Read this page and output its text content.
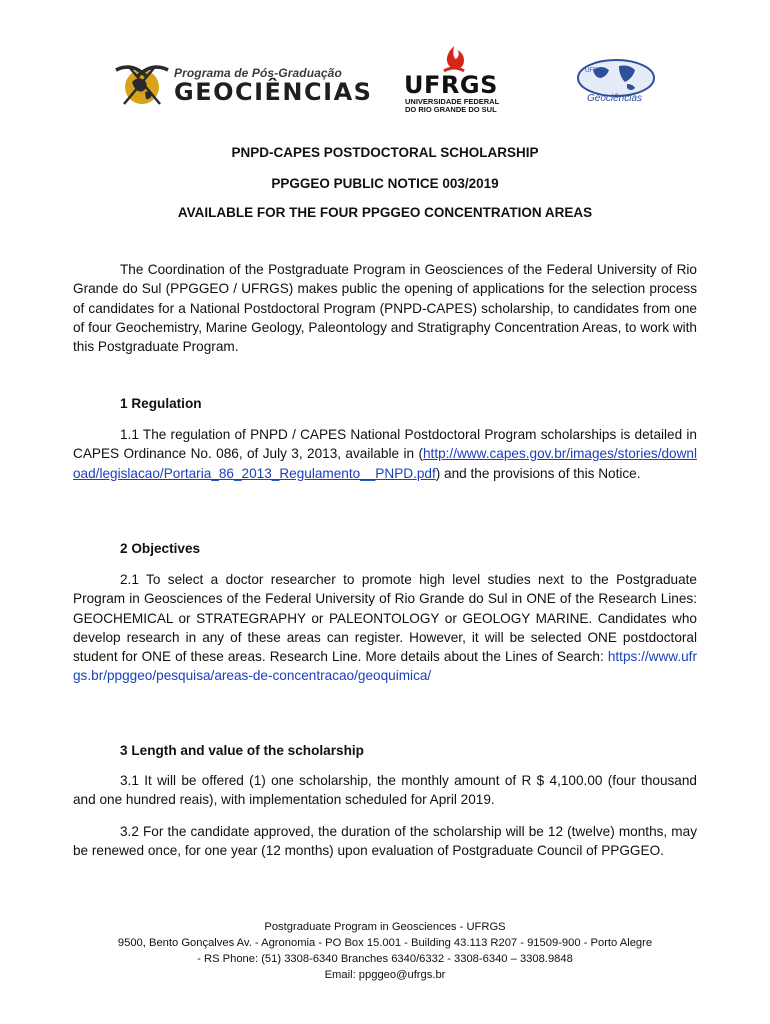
Programa de Pós-Graduação
GEOCIÊNCIAS UFRGS
UNIVERSIDADE FEDERAL
DO RIO GRANDE DO SUL
UFRGS
Geociências
PNPD-CAPES POSTDOCTORAL SCHOLARSHIP
PPGGEO PUBLIC NOTICE 003/2019
AVAILABLE FOR THE FOUR PPGGEO CONCENTRATION AREAS

The Coordination of the Postgraduate Program in Geosciences of the Federal University of Rio Grande do Sul (PPGGEO / UFRGS) makes public the opening of applications for the selection process of candidates for a National Postdoctoral Program (PNPD-CAPES) scholarship, to candidates from one of four Geochemistry, Marine Geology, Paleontology and Stratigraphy Concentration Areas, to work with this Postgraduate Program.

1 Regulation

1.1 The regulation of PNPD / CAPES National Postdoctoral Program scholarships is detailed in CAPES Ordinance No. 086, of July 3, 2013, available in (http://www.capes.gov.br/images/stories/download/legislacao/Portaria_86_2013_Regulamento__PNPD.pdf) and the provisions of this Notice.

2 Objectives

2.1 To select a doctor researcher to promote high level studies next to the Postgraduate Program in Geosciences of the Federal University of Rio Grande do Sul in ONE of the Research Lines: GEOCHEMICAL or STRATEGRAPHY or PALEONTOLOGY or GEOLOGY MARINE. Candidates who develop research in any of these areas can register. However, it will be selected ONE postdoctoral student for ONE of these areas. Research Line. More details about the Lines of Search: https://www.ufrgs.br/ppggeo/pesquisa/areas-de-concentracao/geoquimica/

3 Length and value of the scholarship

3.1 It will be offered (1) one scholarship, the monthly amount of R $ 4,100.00 (four thousand and one hundred reais), with implementation scheduled for April 2019.

3.2 For the candidate approved, the duration of the scholarship will be 12 (twelve) months, may be renewed once, for one year (12 months) upon evaluation of Postgraduate Council of PPGGEO.

Postgraduate Program in Geosciences - UFRGS
9500, Bento Gonçalves Av. - Agronomia - PO Box 15.001 - Building 43.113 R207 - 91509-900 - Porto Alegre
- RS Phone: (51) 3308-6340 Branches 6340/6332 - 3308-6340 – 3308.9848
Email: ppggeo@ufrgs.br
